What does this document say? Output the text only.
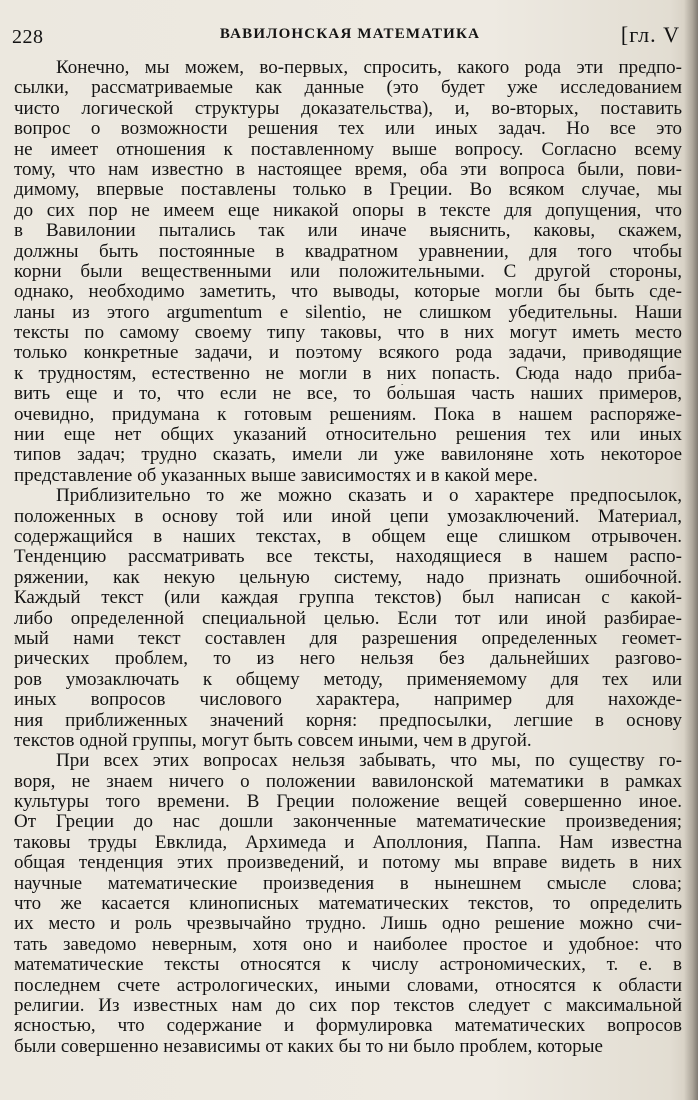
228	ВАВИЛОНСКАЯ МАТЕМАТИКА	[гл. V
Конечно, мы можем, во-первых, спросить, какого рода эти предпо-
сылки, рассматриваемые как данные (это будет уже исследованием
чисто логической структуры доказательства), и, во-вторых, поставить
вопрос о возможности решения тех или иных задач. Но все это
не имеет отношения к поставленному выше вопросу. Согласно всему
тому, что нам известно в настоящее время, оба эти вопроса были, пови-
димому, впервые поставлены только в Греции. Во всяком случае, мы
до сих пор не имеем еще никакой опоры в тексте для допущения, что
в Вавилонии пытались так или иначе выяснить, каковы, скажем,
должны быть постоянные в квадратном уравнении, для того чтобы
корни были вещественными или положительными. С другой стороны,
однако, необходимо заметить, что выводы, которые могли бы быть сде-
ланы из этого argumentum e silentio, не слишком убедительны. Наши
тексты по самому своему типу таковы, что в них могут иметь место
только конкретные задачи, и поэтому всякого рода задачи, приводящие
к трудностям, естественно не могли в них попасть. Сюда надо приба-
вить еще и то, что если не все, то бо́льшая часть наших примеров,
очевидно, придумана к готовым решениям. Пока в нашем распоряже-
нии еще нет общих указаний относительно решения тех или иных
типов задач; трудно сказать, имели ли уже вавилоняне хоть некоторое
представление об указанных выше зависимостях и в какой мере.
Приблизительно то же можно сказать и о характере предпосылок,
положенных в основу той или иной цепи умозаключений. Материал,
содержащийся в наших текстах, в общем еще слишком отрывочен.
Тенденцию рассматривать все тексты, находящиеся в нашем распо-
ряжении, как некую цельную систему, надо признать ошибочной.
Каждый текст (или каждая группа текстов) был написан с какой-
либо определенной специальной целью. Если тот или иной разбирае-
мый нами текст составлен для разрешения определенных геомет-
рических проблем, то из него нельзя без дальнейших разгово-
ров умозаключать к общему методу, применяемому для тех или
иных вопросов числового характера, например для нахожде-
ния приближенных значений корня: предпосылки, легшие в основу
текстов одной группы, могут быть совсем иными, чем в другой.
При всех этих вопросах нельзя забывать, что мы, по существу го-
воря, не знаем ничего о положении вавилонской математики в рамках
культуры того времени. В Греции положение вещей совершенно иное.
От Греции до нас дошли законченные математические произведения;
таковы труды Евклида, Архимеда и Аполлония, Паппа. Нам известна
общая тенденция этих произведений, и потому мы вправе видеть в них
научные математические произведения в нынешнем смысле слова;
что же касается клинописных математических текстов, то определить
их место и роль чрезвычайно трудно. Лишь одно решение можно счи-
тать заведомо неверным, хотя оно и наиболее простое и удобное: что
математические тексты относятся к числу астрономических, т. е. в
последнем счете астрологических, иными словами, относятся к области
религии. Из известных нам до сих пор текстов следует с максимальной
ясностью, что содержание и формулировка математических вопросов
были совершенно независимы от каких бы то ни было проблем, которые
